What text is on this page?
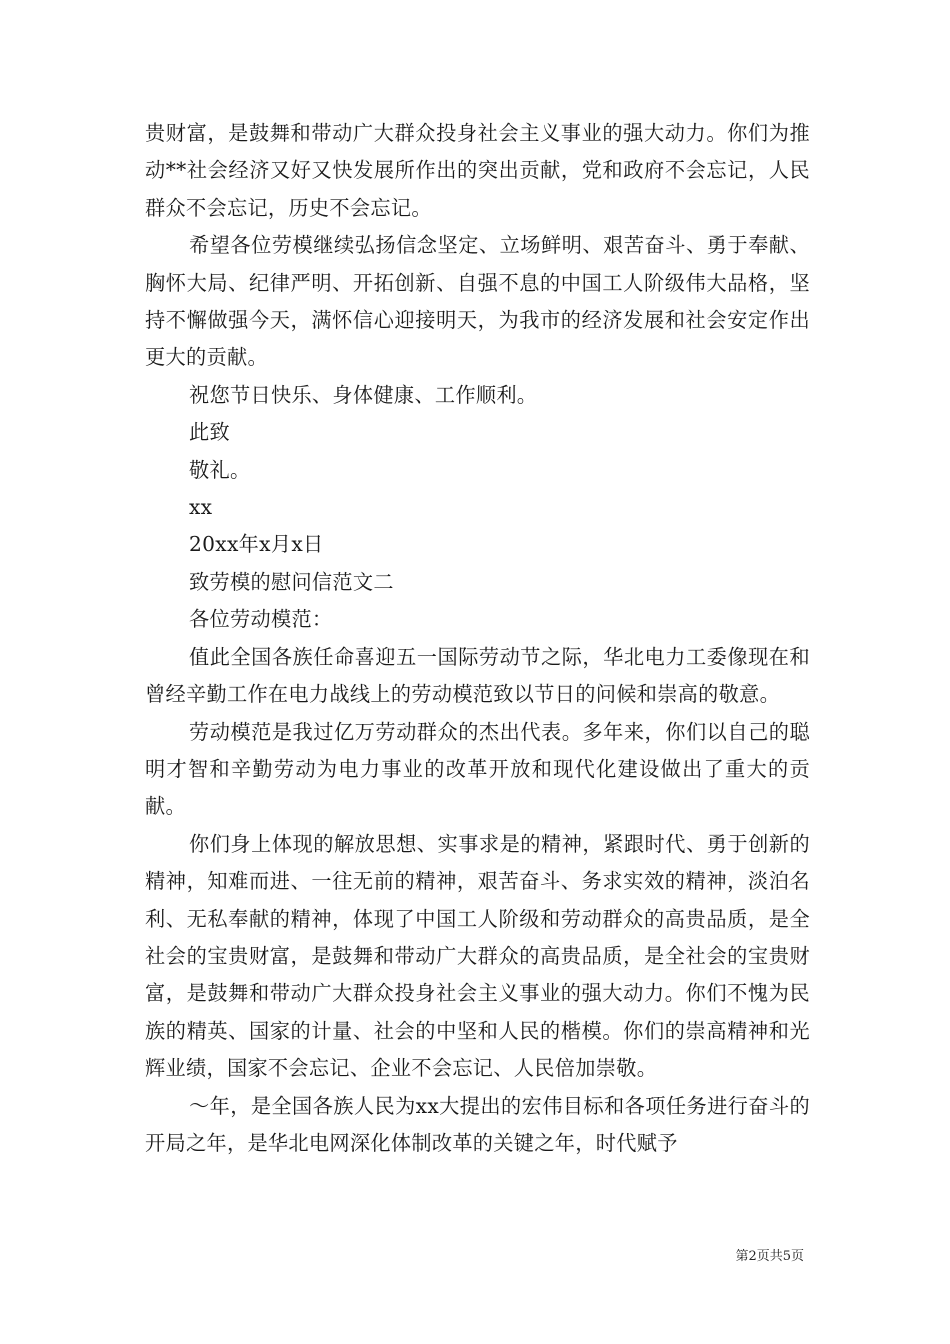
贵财富，是鼓舞和带动广大群众投身社会主义事业的强大动力。你们为推动**社会经济又好又快发展所作出的突出贡献，党和政府不会忘记，人民群众不会忘记，历史不会忘记。

希望各位劳模继续弘扬信念坚定、立场鲜明、艰苦奋斗、勇于奉献、胸怀大局、纪律严明、开拓创新、自强不息的中国工人阶级伟大品格，坚持不懈做强今天，满怀信心迎接明天，为我市的经济发展和社会安定作出更大的贡献。

祝您节日快乐、身体健康、工作顺利。

此致

敬礼。

xx

20xx年x月x日

致劳模的慰问信范文二

各位劳动模范：

值此全国各族任命喜迎五一国际劳动节之际，华北电力工委像现在和曾经辛勤工作在电力战线上的劳动模范致以节日的问候和崇高的敬意。

劳动模范是我过亿万劳动群众的杰出代表。多年来，你们以自己的聪明才智和辛勤劳动为电力事业的改革开放和现代化建设做出了重大的贡献。

你们身上体现的解放思想、实事求是的精神，紧跟时代、勇于创新的精神，知难而进、一往无前的精神，艰苦奋斗、务求实效的精神，淡泊名利、无私奉献的精神，体现了中国工人阶级和劳动群众的高贵品质，是全社会的宝贵财富，是鼓舞和带动广大群众的高贵品质，是全社会的宝贵财富，是鼓舞和带动广大群众投身社会主义事业的强大动力。你们不愧为民族的精英、国家的计量、社会的中坚和人民的楷模。你们的崇高精神和光辉业绩，国家不会忘记、企业不会忘记、人民倍加崇敬。

～年，是全国各族人民为xx大提出的宏伟目标和各项任务进行奋斗的开局之年，是华北电网深化体制改革的关键之年，时代赋予

第2页共5页
